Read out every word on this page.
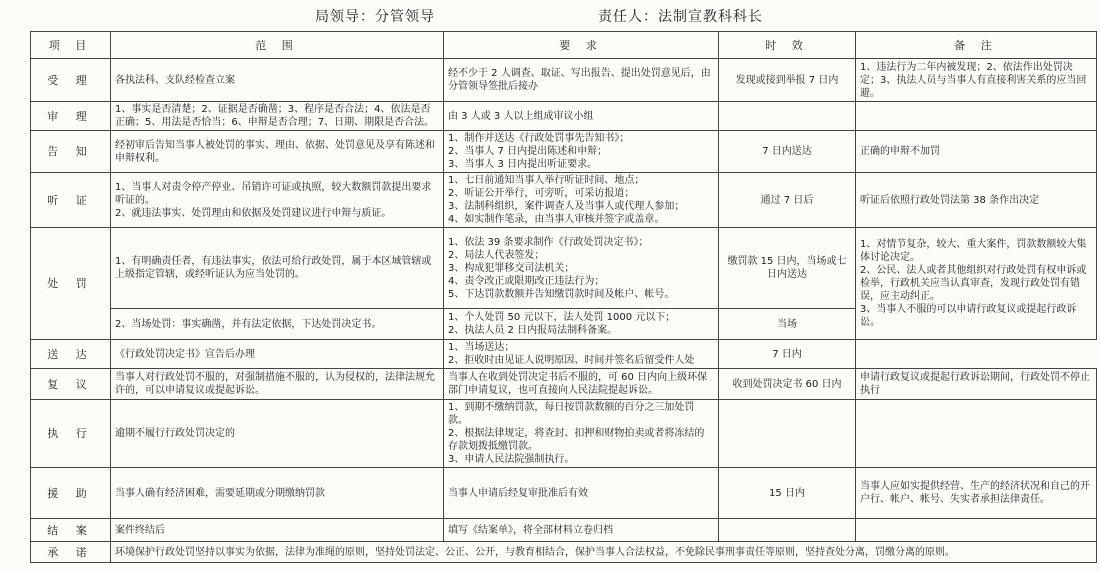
局领导：分管领导	责任人：法制宣教科科长
项 目	范 围	要 求	时 效	备 注
受 理	各执法科、支队经检查立案	经不少于 2 人调查、取证、写出报告、提出处罚意见后，由分管领导签批后接办	发现或接到举报 7 日内	1、违法行为二年内被发现；2、依法作出处罚决定；3、执法人员与当事人有直接利害关系的应当回避。
审 理	1、事实是否清楚；2、证据是否确凿；3、程序是否合法；4、依法是否正确；5、用法是否恰当；6、申辩是否合理；7、日期、期限是否合法。	由 3 人或 3 人以上组成审议小组		
告 知	经初审后告知当事人被处罚的事实、理由、依据、处罚意见及享有陈述和申辩权利。	1、制作并送达《行政处罚事先告知书》；
2、当事人 7 日内提出陈述和申辩；
3、当事人 3 日内提出听证要求。	7 日内送达	正确的申辩不加罚
听 证	1、当事人对责令停产停业、吊销许可证或执照，较大数额罚款提出要求听证的。
2、就违法事实、处罚理由和依据及处罚建议进行申辩与质证。	1、七日前通知当事人举行听证时间、地点；
2、听证公开举行，可旁听，可采访报道；
3、法制科组织，案件调查人及当事人或代理人参加；
4、如实制作笔录，由当事人审核并签字或盖章。	通过 7 日后	听证后依照行政处罚法第 38 条作出决定
处 罚	1、有明确责任者，有违法事实，依法可给行政处罚，属于本区域管辖或上级指定管辖，或经听证认为应当处罚的。	1、依法 39 条要求制作《行政处罚决定书》；
2、局法人代表签发；
3、构成犯罪移交司法机关；
4、责令改正或限期改正违法行为；
5、下达罚款数额并告知缴罚款时间及帐户、帐号。	缴罚款 15 日内，当场或七日内送达	1、对情节复杂，较大、重大案件，罚款数额较大集体讨论决定。
2、公民、法人或者其他组织对行政处罚有权申诉或检举，行政机关应当认真审查，发现行政处罚有错误，应主动纠正。
3、当事人不服的可以申请行政复议或提起行政诉讼。

	2、当场处罚：事实确凿，并有法定依据，下达处罚决定书。	1、个人处罚 50 元以下，法人处罚 1000 元以下；
2、执法人员 2 日内报局法制科备案。	当场	
送 达	《行政处罚决定书》宣告后办理	1、当场送达；
2、拒收时由见证人说明原因、时间并签名后留受件人处	7 日内	
复 议	当事人对行政处罚不服的，对强制措施不服的，认为侵权的，法律法规允许的，可以申请复议或提起诉讼。	当事人在收到处罚决定书后不服的，可 60 日内向上级环保部门申请复议，也可直接向人民法院提起诉讼。	收到处罚决定书 60 日内	申请行政复议或提起行政诉讼期间，行政处罚不停止执行
执 行	逾期不履行行政处罚决定的	1、到期不缴纳罚款，每日按罚款数额的百分之三加处罚款。
2、根据法律规定，将查封、扣押和财物拍卖或者将冻结的存款划拨抵缴罚款。
3、申请人民法院强制执行。		

援 助	当事人确有经济困难，需要延期或分期缴纳罚款	当事人申请后经复审批准后有效	15 日内	当事人应如实提供经营、生产的经济状况和自己的开户行、帐户、帐号、失实者承担法律责任。
结 案	案件终结后	填写《结案单》，将全部材料立卷归档		
承 诺	环境保护行政处罚坚持以事实为依据，法律为准绳的原则，坚持处罚法定、公正、公开，与教育相结合，保护当事人合法权益，不免除民事刑事责任等原则，坚持查处分离，罚缴分离的原则。			
